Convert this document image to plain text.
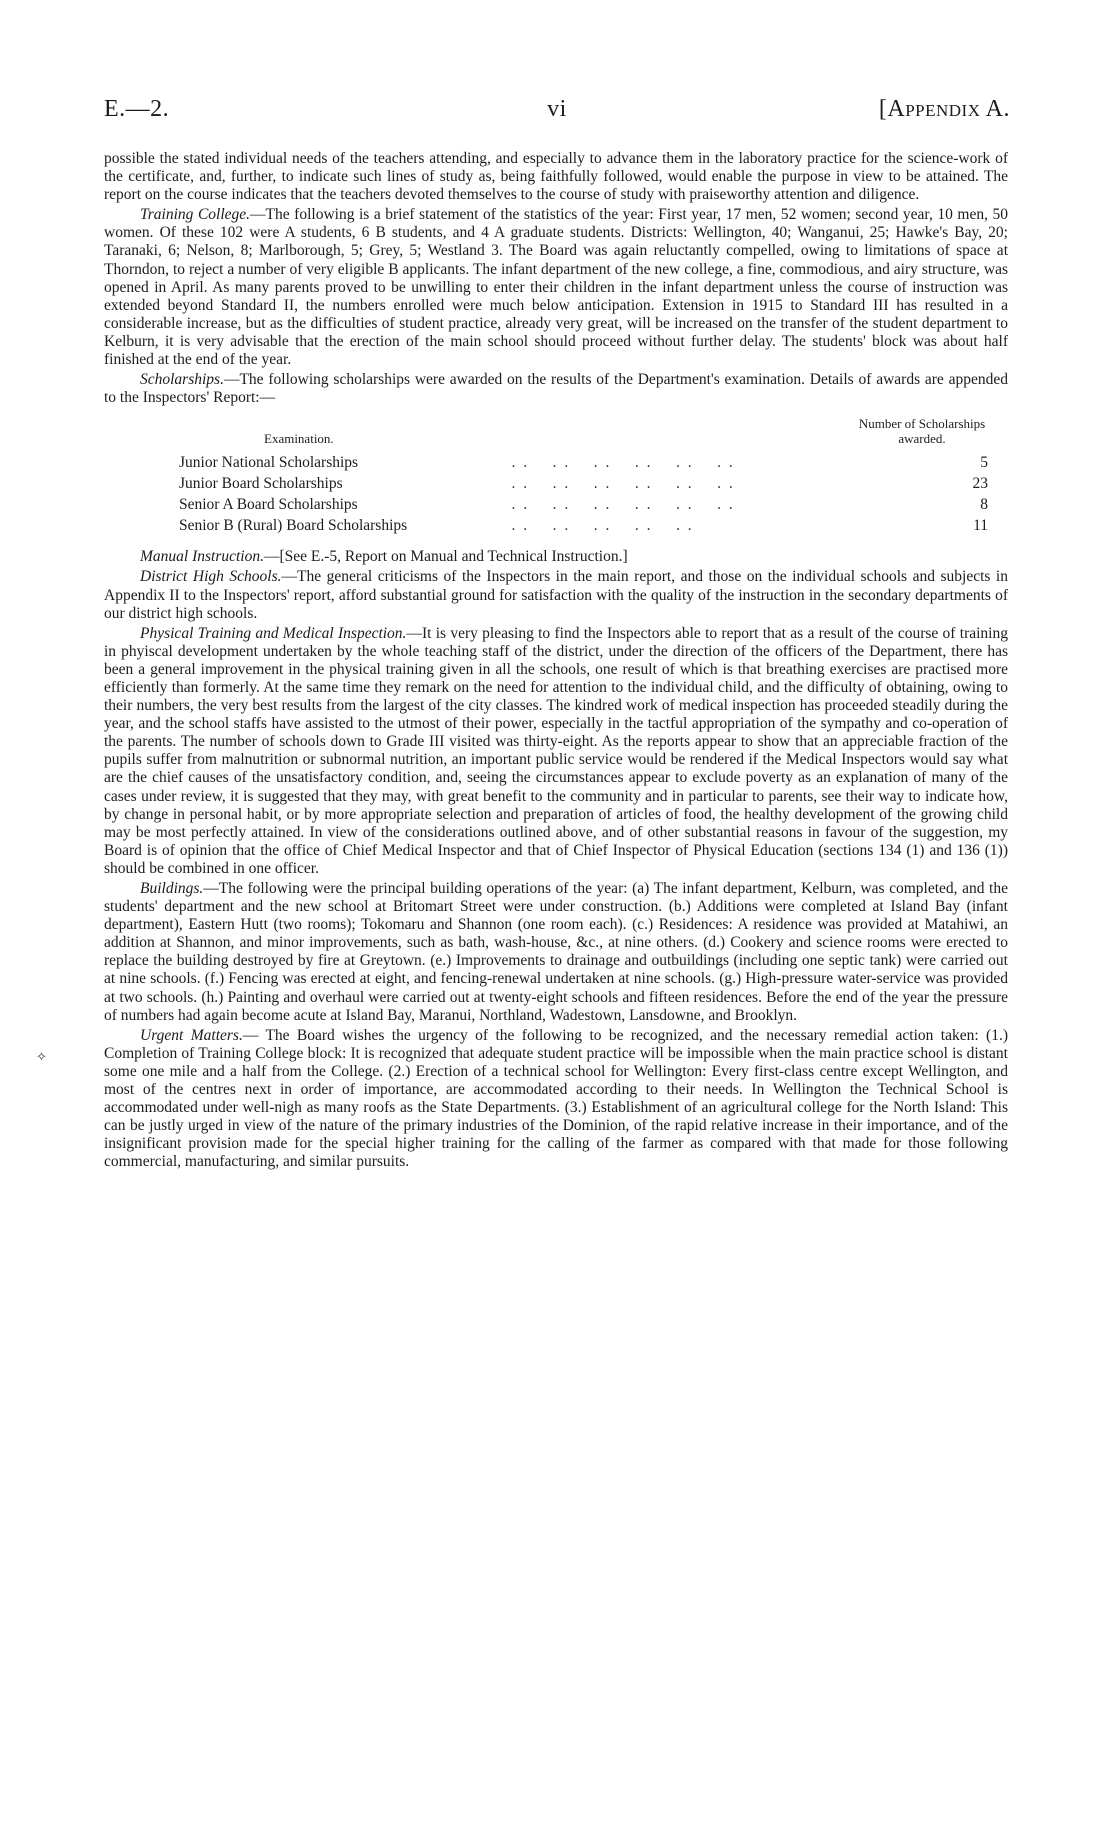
E.—2.	vi	[Appendix A.
✧

possible the stated individual needs of the teachers attending, and especially to advance them in the laboratory practice for the science-work of the certificate, and, further, to indicate such lines of study as, being faithfully followed, would enable the purpose in view to be attained. The report on the course indicates that the teachers devoted themselves to the course of study with praiseworthy attention and diligence.

Training College.—The following is a brief statement of the statistics of the year: First year, 17 men, 52 women; second year, 10 men, 50 women. Of these 102 were A students, 6 B students, and 4 A graduate students. Districts: Wellington, 40; Wanganui, 25; Hawke's Bay, 20; Taranaki, 6; Nelson, 8; Marlborough, 5; Grey, 5; Westland 3. The Board was again reluctantly compelled, owing to limitations of space at Thorndon, to reject a number of very eligible B applicants. The infant department of the new college, a fine, commodious, and airy structure, was opened in April. As many parents proved to be unwilling to enter their children in the infant department unless the course of instruction was extended beyond Standard II, the numbers enrolled were much below anticipation. Extension in 1915 to Standard III has resulted in a considerable increase, but as the difficulties of student practice, already very great, will be increased on the transfer of the student department to Kelburn, it is very advisable that the erection of the main school should proceed without further delay. The students' block was about half finished at the end of the year.

Scholarships.—The following scholarships were awarded on the results of the Department's examination. Details of awards are appended to the Inspectors' Report:—

Examination.		Number of Scholarships awarded.
Junior National Scholarships	. .    . .    . .    . .    . .    . .	5
Junior Board Scholarships	. .    . .    . .    . .    . .    . .	23
Senior A Board Scholarships	. .    . .    . .    . .    . .    . .	8
Senior B (Rural) Board Scholarships	. .    . .    . .    . .    . .	11

Manual Instruction.—[See E.-5, Report on Manual and Technical Instruction.]

District High Schools.—The general criticisms of the Inspectors in the main report, and those on the individual schools and subjects in Appendix II to the Inspectors' report, afford substantial ground for satisfaction with the quality of the instruction in the secondary departments of our district high schools.

Physical Training and Medical Inspection.—It is very pleasing to find the Inspectors able to report that as a result of the course of training in phyiscal development undertaken by the whole teaching staff of the district, under the direction of the officers of the Department, there has been a general improvement in the physical training given in all the schools, one result of which is that breathing exercises are practised more efficiently than formerly. At the same time they remark on the need for attention to the individual child, and the difficulty of obtaining, owing to their numbers, the very best results from the largest of the city classes. The kindred work of medical inspection has proceeded steadily during the year, and the school staffs have assisted to the utmost of their power, especially in the tactful appropriation of the sympathy and co-operation of the parents. The number of schools down to Grade III visited was thirty-eight. As the reports appear to show that an appreciable fraction of the pupils suffer from malnutrition or subnormal nutrition, an important public service would be rendered if the Medical Inspectors would say what are the chief causes of the unsatisfactory condition, and, seeing the circumstances appear to exclude poverty as an explanation of many of the cases under review, it is suggested that they may, with great benefit to the community and in particular to parents, see their way to indicate how, by change in personal habit, or by more appropriate selection and preparation of articles of food, the healthy development of the growing child may be most perfectly attained. In view of the considerations outlined above, and of other substantial reasons in favour of the suggestion, my Board is of opinion that the office of Chief Medical Inspector and that of Chief Inspector of Physical Education (sections 134 (1) and 136 (1)) should be combined in one officer.

Buildings.—The following were the principal building operations of the year: (a) The infant department, Kelburn, was completed, and the students' department and the new school at Britomart Street were under construction. (b.) Additions were completed at Island Bay (infant department), Eastern Hutt (two rooms); Tokomaru and Shannon (one room each). (c.) Residences: A residence was provided at Matahiwi, an addition at Shannon, and minor improvements, such as bath, wash-house, &c., at nine others. (d.) Cookery and science rooms were erected to replace the building destroyed by fire at Greytown. (e.) Improvements to drainage and outbuildings (including one septic tank) were carried out at nine schools. (f.) Fencing was erected at eight, and fencing-renewal undertaken at nine schools. (g.) High-pressure water-service was provided at two schools. (h.) Painting and overhaul were carried out at twenty-eight schools and fifteen residences. Before the end of the year the pressure of numbers had again become acute at Island Bay, Maranui, Northland, Wadestown, Lansdowne, and Brooklyn.

Urgent Matters.— The Board wishes the urgency of the following to be recognized, and the necessary remedial action taken: (1.) Completion of Training College block: It is recognized that adequate student practice will be impossible when the main practice school is distant some one mile and a half from the College. (2.) Erection of a technical school for Wellington: Every first-class centre except Wellington, and most of the centres next in order of importance, are accommodated according to their needs. In Wellington the Technical School is accommodated under well-nigh as many roofs as the State Departments. (3.) Establishment of an agricultural college for the North Island: This can be justly urged in view of the nature of the primary industries of the Dominion, of the rapid relative increase in their importance, and of the insignificant provision made for the special higher training for the calling of the farmer as compared with that made for those following commercial, manufacturing, and similar pursuits.
